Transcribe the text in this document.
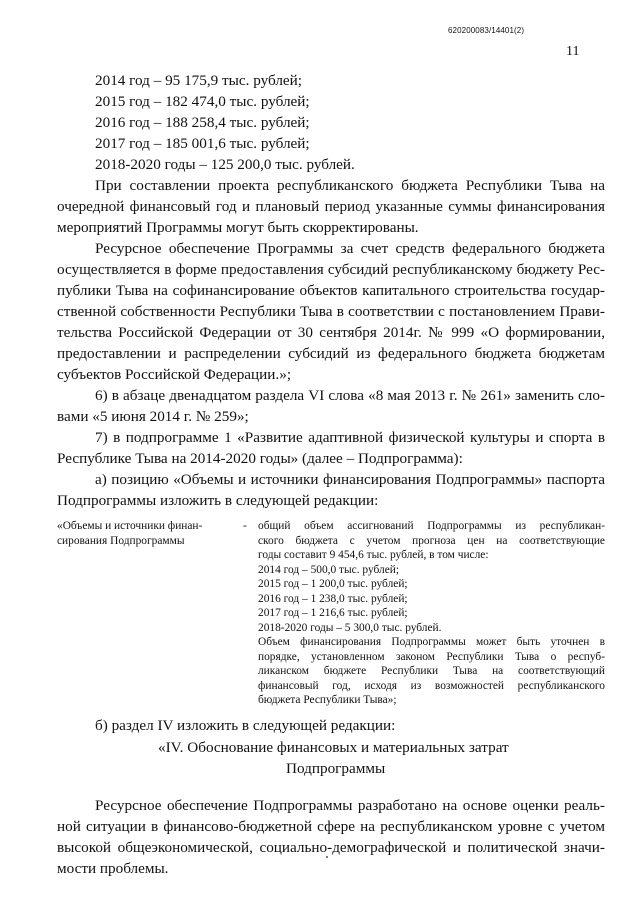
620200083/14401(2)
11
2014 год – 95 175,9 тыс. рублей;
2015 год – 182 474,0 тыс. рублей;
2016 год – 188 258,4 тыс. рублей;
2017 год – 185 001,6 тыс. рублей;
2018-2020 годы – 125 200,0 тыс. рублей.
При составлении проекта республиканского бюджета Республики Тыва на
очередной финансовый год и плановый период указанные суммы финансирования
мероприятий Программы могут быть скорректированы.
Ресурсное обеспечение Программы за счет средств федерального бюджета
осуществляется в форме предоставления субсидий республиканскому бюджету Рес-
публики Тыва на софинансирование объектов капитального строительства государ-
ственной собственности Республики Тыва в соответствии с постановлением Прави-
тельства Российской Федерации от 30 сентября 2014г. № 999 «О формировании,
предоставлении и распределении субсидий из федерального бюджета бюджетам
субъектов Российской Федерации.»;
6) в абзаце двенадцатом раздела VI слова «8 мая 2013 г. № 261» заменить сло-
вами «5 июня 2014 г. № 259»;
7) в подпрограмме 1 «Развитие адаптивной физической культуры и спорта в
Республике Тыва на 2014-2020 годы» (далее – Подпрограмма):
а) позицию «Объемы и источники финансирования Подпрограммы» паспорта
Подпрограммы изложить в следующей редакции:
«Объемы и источники финан-
сирования Подпрограммы
- общий объем ассигнований Подпрограммы из республикан-
ского бюджета с учетом прогноза цен на соответствующие
годы составит 9 454,6 тыс. рублей, в том числе:
2014 год – 500,0 тыс. рублей;
2015 год – 1 200,0 тыс. рублей;
2016 год – 1 238,0 тыс. рублей;
2017 год – 1 216,6 тыс. рублей;
2018-2020 годы – 5 300,0 тыс. рублей.
Объем финансирования Подпрограммы может быть уточнен в
порядке, установленном законом Республики Тыва о респуб-
ликанском бюджете Республики Тыва на соответствующий
финансовый год, исходя из возможностей республиканского
бюджета Республики Тыва»;
б) раздел IV изложить в следующей редакции:
«IV. Обоснование финансовых и материальных затрат
Подпрограммы
Ресурсное обеспечение Подпрограммы разработано на основе оценки реаль-
ной ситуации в финансово-бюджетной сфере на республиканском уровне с учетом
высокой общеэкономической, социально-демографической и политической значи-
мости проблемы.
